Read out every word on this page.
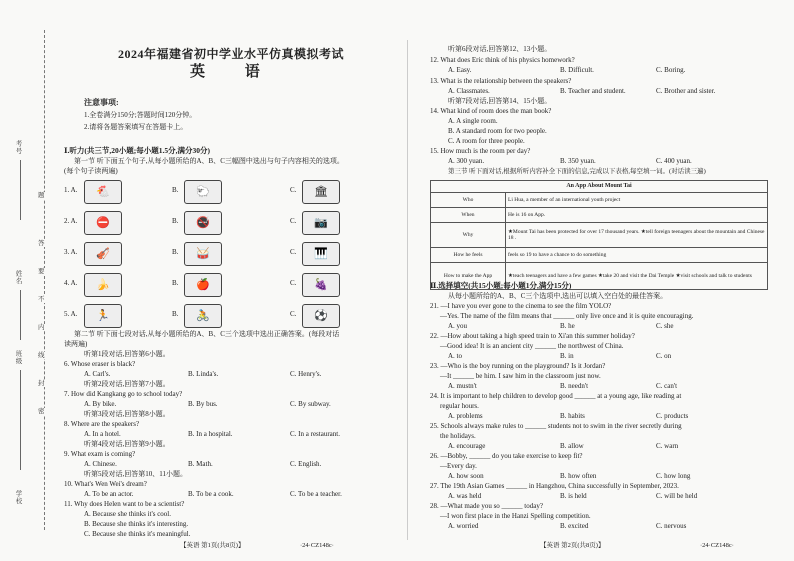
考号
姓名
班级
学校
题
答
要
不
内
线
封
密
2024年福建省初中学业水平仿真模拟考试
英 语
注意事项:
1.全卷满分150分;答题时间120分钟。
2.请将各题答案填写在答题卡上。
Ⅰ.听力(共三节,20小题;每小题1.5分,满分30分)
第一节 听下面五个句子,从每小题所给的A、B、C三幅图中选出与句子内容相关的选项。
(每个句子读两遍)
1. A.	🐔	B.	🐑	C.	🏛
2. A.	⛔	B.	🚭	C.	📷
3. A.	🎻	B.	🥁	C.	🎹
4. A.	🍌	B.	🍎	C.	🍇
5. A.	🏃	B.	🚴	C.	⚽
第二节 听下面七段对话,从每小题所给的A、B、C三个选项中选出正确答案。(每段对话
读两遍)
听第1段对话,回答第6小题。
6. Whose eraser is black?
A. Carl's.	B. Linda's.	C. Henry's.
听第2段对话,回答第7小题。
7. How did Kangkang go to school today?
A. By bike.	B. By bus.	C. By subway.
听第3段对话,回答第8小题。
8. Where are the speakers?
A. In a hotel.	B. In a hospital.	C. In a restaurant.
听第4段对话,回答第9小题。
9. What exam is coming?
A. Chinese.	B. Math.	C. English.
听第5段对话,回答第10、11小题。
10. What's Wen Wei's dream?
A. To be an actor.	B. To be a cook.	C. To be a teacher.
11. Why does Helen want to be a scientist?
A. Because she thinks it's cool.
B. Because she thinks it's interesting.
C. Because she thinks it's meaningful.
【英语 第1页(共8页)】	·24·CZ148c·
听第6段对话,回答第12、13小题。
12. What does Eric think of his physics homework?
A. Easy.	B. Difficult.	C. Boring.
13. What is the relationship between the speakers?
A. Classmates.	B. Teacher and student.	C. Brother and sister.
听第7段对话,回答第14、15小题。
14. What kind of room does the man book?
A. A single room.
B. A standard room for two people.
C. A room for three people.
15. How much is the room per day?
A. 300 yuan.	B. 350 yuan.	C. 400 yuan.
第三节 听下面对话,根据所听内容补全下面的信息,完成以下表格,每空填一词。(对话读三遍)
An App About Mount Tai	
Who	Li Hua, a member of an international youth project
When	He is 16 on App.
Why	★Mount Tai has been protected for over 17 thousand years. ★tell foreign teenagers about the mountain and Chinese 18 .
How he feels	feels so 19 to have a chance to do something
How to make the App	★teach teenagers and have a few games ★take 20 and visit the Dai Temple ★visit schools and talk to students
Ⅱ.选择填空(共15小题;每小题1分,满分15分)
从每小题所给的A、B、C三个选项中,选出可以填入空白处的最佳答案。
21. —I have you ever gone to the cinema to see the film YOLO?
—Yes. The name of the film means that ______ only live once and it is quite encouraging.
A. you	B. he	C. she
22. —How about taking a high speed train to Xi'an this summer holiday?
—Good idea! It is an ancient city ______ the northwest of China.
A. to	B. in	C. on
23. —Who is the boy running on the playground? Is it Jordan?
—It ______ be him. I saw him in the classroom just now.
A. mustn't	B. needn't	C. can't
24. It is important to help children to develop good ______ at a young age, like reading at
regular hours.
A. problems	B. habits	C. products
25. Schools always make rules to ______ students not to swim in the river secretly during
the holidays.
A. encourage	B. allow	C. warn
26. —Bobby, ______ do you take exercise to keep fit?
—Every day.
A. how soon	B. how often	C. how long
27. The 19th Asian Games ______ in Hangzhou, China successfully in September, 2023.
A. was held	B. is held	C. will be held
28. —What made you so ______ today?
—I won first place in the Hanzi Spelling competition.
A. worried	B. excited	C. nervous
【英语 第2页(共8页)】	·24·CZ148c·
